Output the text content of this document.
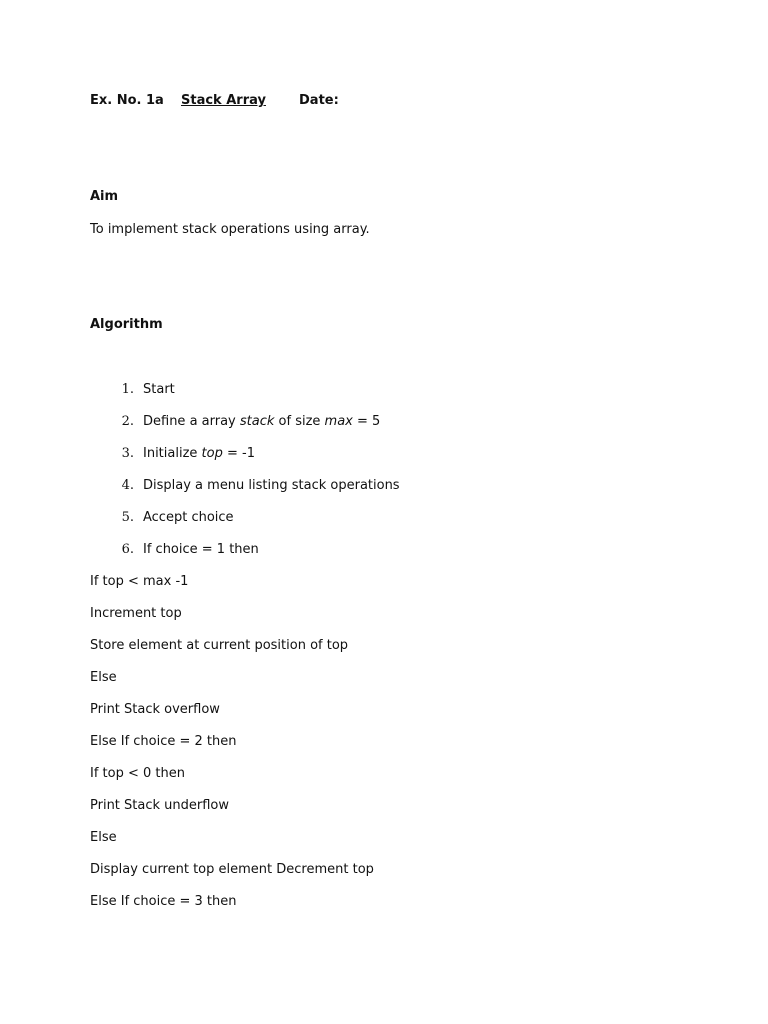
Ex. No. 1a Stack Array	Date:
Aim
To implement stack operations using array.
Algorithm
1. Start
2. Define a array stack of size max = 5
3. Initialize top = -1
4. Display a menu listing stack operations
5. Accept choice
6. If choice = 1 then
If top < max -1
Increment top
Store element at current position of top
Else
Print Stack overflow
Else If choice = 2 then
If top < 0 then
Print Stack underflow
Else
Display current top element Decrement top
Else If choice = 3 then
